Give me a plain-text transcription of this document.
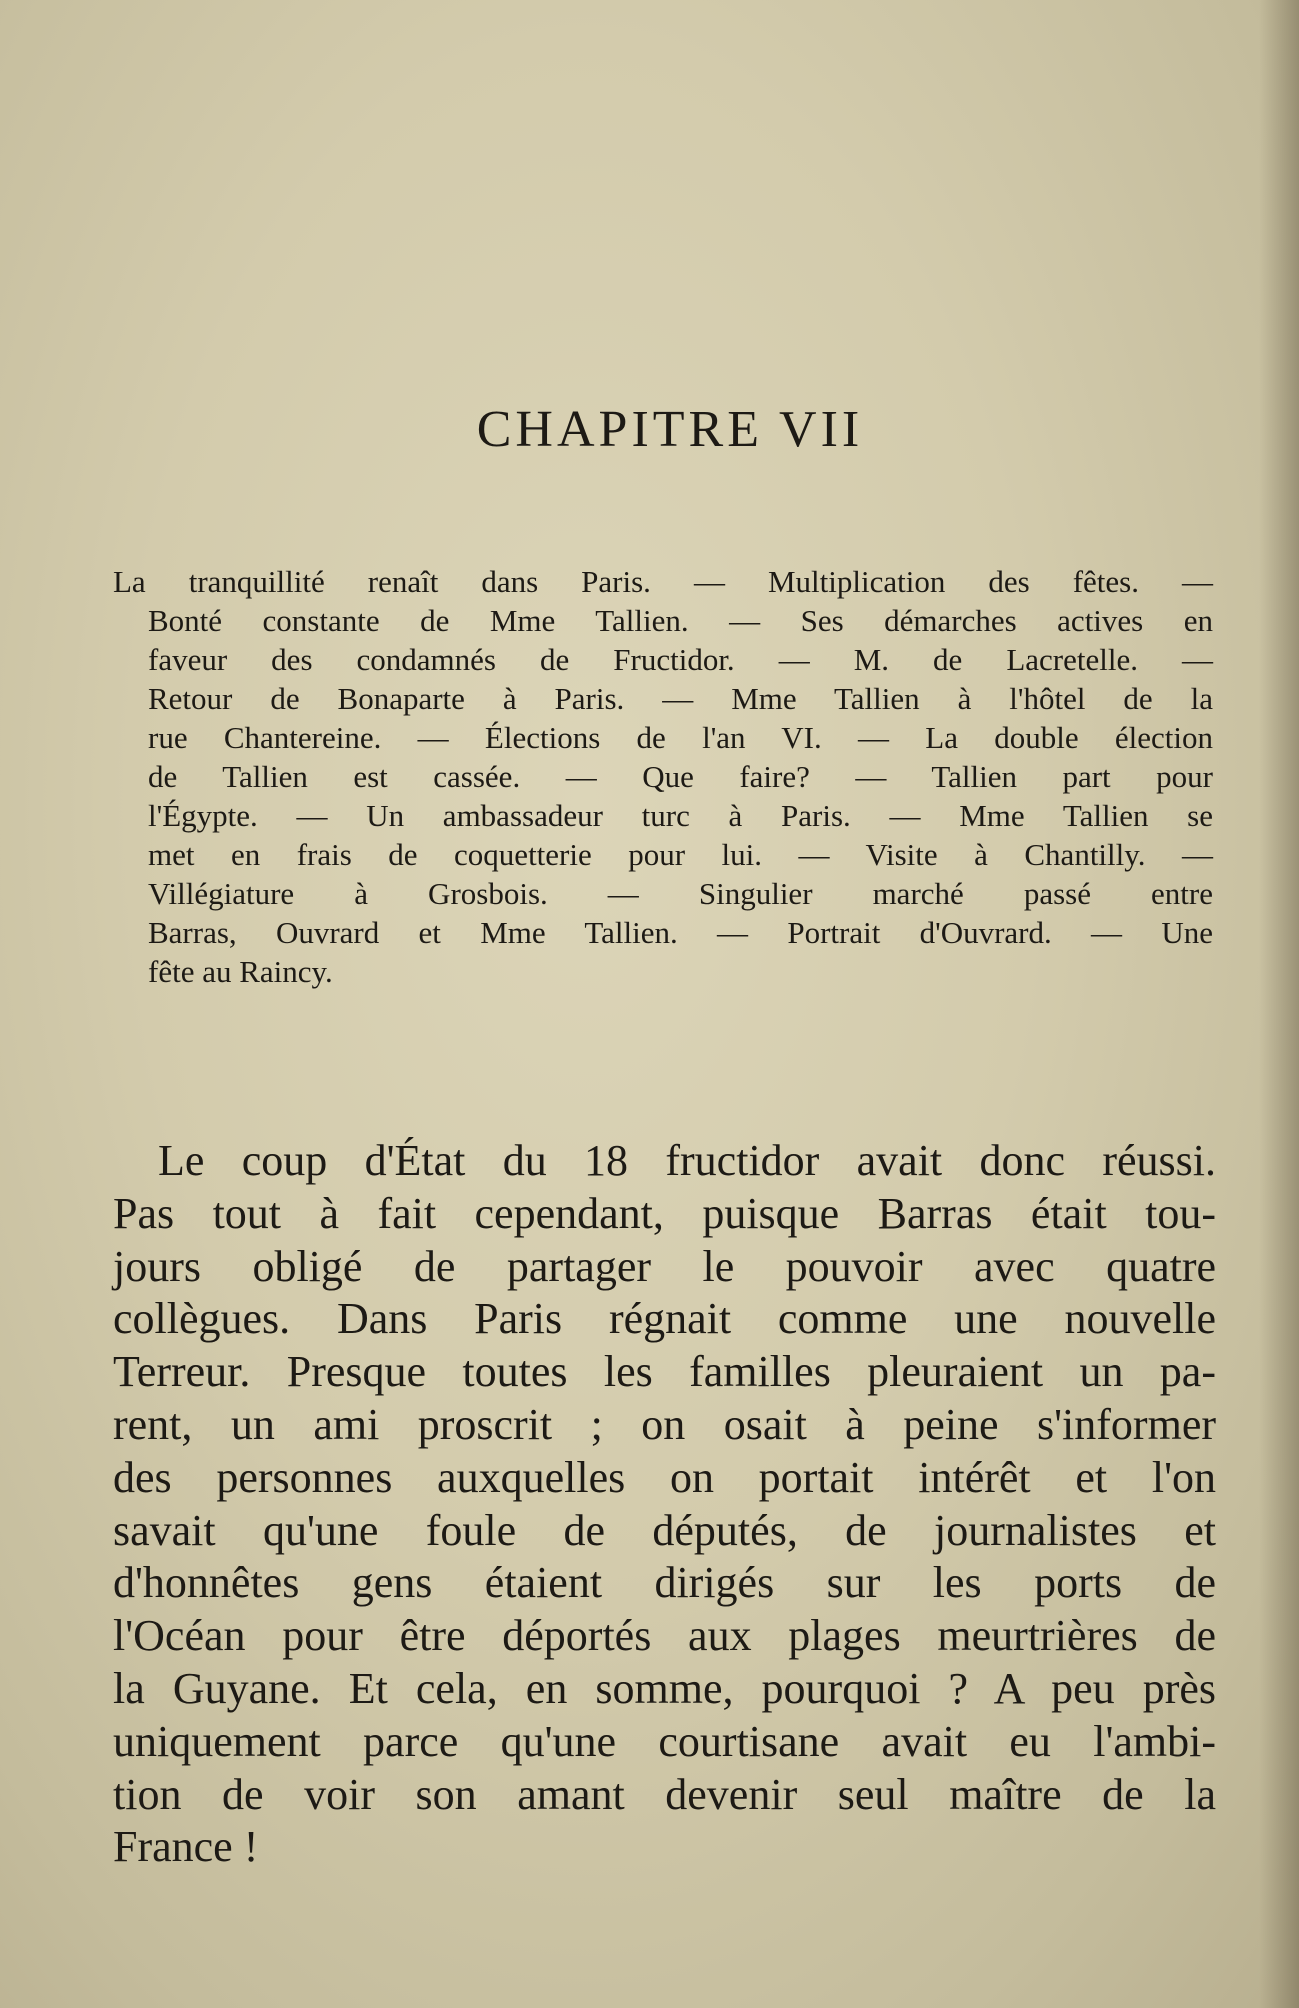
CHAPITRE VII
La tranquillité renaît dans Paris. — Multiplication des fêtes. —
Bonté constante de Mme Tallien. — Ses démarches actives en
faveur des condamnés de Fructidor. — M. de Lacretelle. —
Retour de Bonaparte à Paris. — Mme Tallien à l'hôtel de la
rue Chantereine. — Élections de l'an VI. — La double élection
de Tallien est cassée. — Que faire? — Tallien part pour
l'Égypte. — Un ambassadeur turc à Paris. — Mme Tallien se
met en frais de coquetterie pour lui. — Visite à Chantilly. —
Villégiature à Grosbois. — Singulier marché passé entre
Barras, Ouvrard et Mme Tallien. — Portrait d'Ouvrard. — Une
fête au Raincy.
Le coup d'État du 18 fructidor avait donc réussi.
Pas tout à fait cependant, puisque Barras était tou-
jours obligé de partager le pouvoir avec quatre
collègues. Dans Paris régnait comme une nouvelle
Terreur. Presque toutes les familles pleuraient un pa-
rent, un ami proscrit ; on osait à peine s'informer
des personnes auxquelles on portait intérêt et l'on
savait qu'une foule de députés, de journalistes et
d'honnêtes gens étaient dirigés sur les ports de
l'Océan pour être déportés aux plages meurtrières de
la Guyane. Et cela, en somme, pourquoi ? A peu près
uniquement parce qu'une courtisane avait eu l'ambi-
tion de voir son amant devenir seul maître de la
France !
